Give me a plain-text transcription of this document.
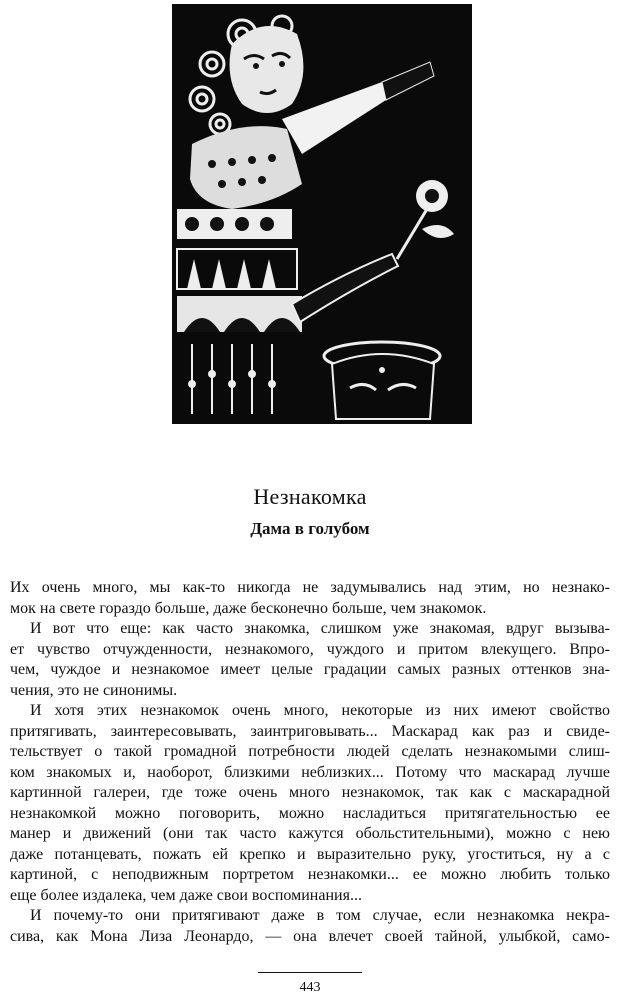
Незнакомка
Дама в голубом
Их очень много, мы как-то никогда не задумывались над этим, но незнако-
мок на свете гораздо больше, даже бесконечно больше, чем знакомок.
И вот что еще: как часто знакомка, слишком уже знакомая, вдруг вызыва-
ет чувство отчужденности, незнакомого, чуждого и притом влекущего. Впро-
чем, чуждое и незнакомое имеет целые градации самых разных оттенков зна-
чения, это не синонимы.
И хотя этих незнакомок очень много, некоторые из них имеют свойство
притягивать, заинтересовывать, заинтриговывать... Маскарад как раз и свиде-
тельствует о такой громадной потребности людей сделать незнакомыми слиш-
ком знакомых и, наоборот, близкими неблизких... Потому что маскарад лучше
картинной галереи, где тоже очень много незнакомок, так как с маскарадной
незнакомкой можно поговорить, можно насладиться притягательностью ее
манер и движений (они так часто кажутся обольстительными), можно с нею
даже потанцевать, пожать ей крепко и выразительно руку, угоститься, ну а с
картиной, с неподвижным портретом незнакомки... ее можно любить только
еще более издалека, чем даже свои воспоминания...
И почему-то они притягивают даже в том случае, если незнакомка некра-
сива, как Мона Лиза Леонардо, — она влечет своей тайной, улыбкой, само-
443
